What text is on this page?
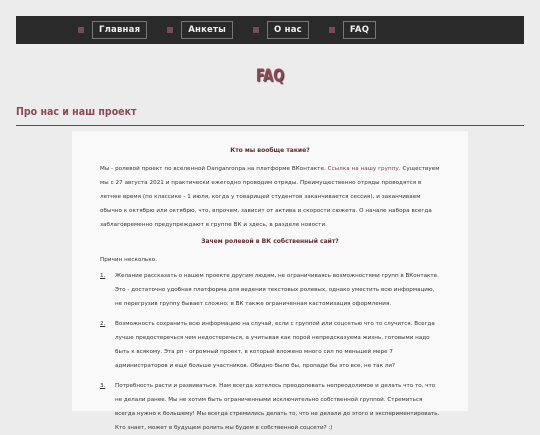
Главная	Анкеты	О нас	FAQ
FAQ
Про нас и наш проект
Кто мы вообще такие?

Мы - ролевой проект по вселенной Danganronpa на платформе ВКонтакте. Ссылка на нашу группу. Существуем мы с 27 августа 2021 и практически ежегодно проводим отряды. Преимущественно отряды проводятся в летнее время (по классике - 1 июля, когда у товарищей студентов заканчивается сессия), и заканчиваем обычно к октябрю или октябрю, что, впрочем, зависит от актива и скорости сюжета. О начале набора всегда заблаговременно предупреждают в группе ВК и здесь, в разделе новости.

Зачем ролевой в ВК собственный сайт?

Причин несколько.

1.	Желание рассказать о нашем проекте другим людям, не ограничиваясь возможностями групп в ВКонтакте. Это - достаточно удобная платформа для ведения текстовых ролевых, однако уместить всю информацию, не перегрузив группу бывает сложно; в ВК также ограниченная кастомизация оформления.
2.	Возможность сохранить всю информацию на случай, если с группой или соцсетью что то случится. Всегда лучше предостеречься чем недостеречься, а учитывая как порой непредсказуема жизнь, готовыми надо быть к всякому. Эта рп - огромный проект, в который вложено много сил по меньшей мере 7 администраторов и еще больше участников. Обидно было бы, пропади бы это все, не так ли?
3.	Потребность расти и развиваться. Нам всегда хотелось преодолевать непреодолимое и делать что то, что не делали ранее. Мы не хотим быть ограниченными исключительно собственной группой. Стремиться всегда нужно к большему! Мы всегда стремились делать то, что не делали до этого и экспериментировать. Кто знает, может в будущем ролить мы будем в собственной соцсети? :)
